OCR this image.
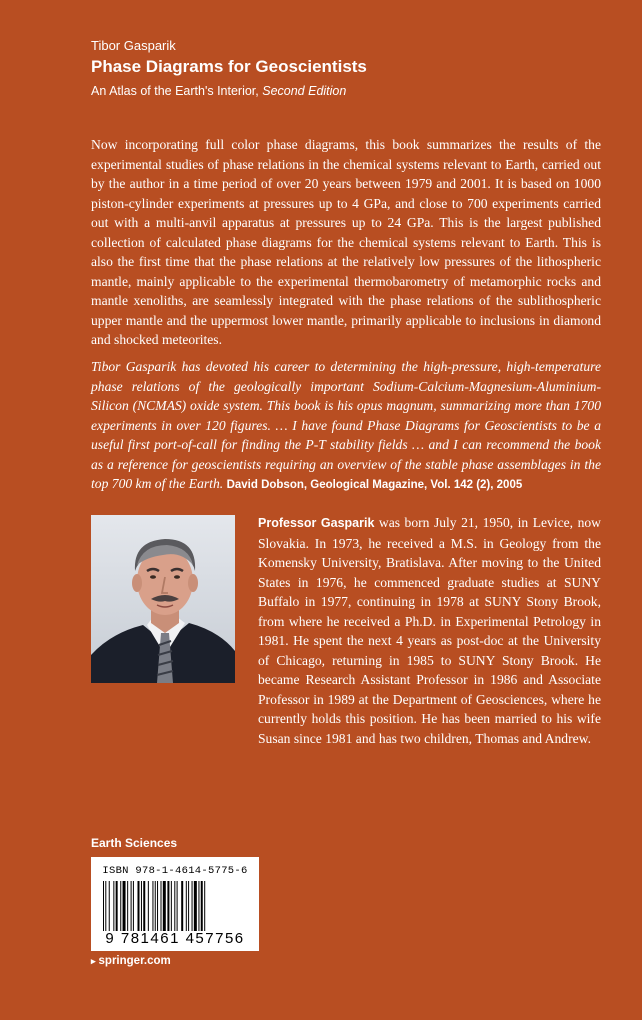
Tibor Gasparik
Phase Diagrams for Geoscientists
An Atlas of the Earth's Interior, Second Edition

Now incorporating full color phase diagrams, this book summarizes the results of the experimental studies of phase relations in the chemical systems relevant to Earth, carried out by the author in a time period of over 20 years between 1979 and 2001. It is based on 1000 piston-cylinder experiments at pressures up to 4 GPa, and close to 700 experiments carried out with a multi-anvil apparatus at pressures up to 24 GPa. This is the largest published collection of calculated phase diagrams for the chemical systems relevant to Earth. This is also the first time that the phase relations at the relatively low pressures of the lithospheric mantle, mainly applicable to the experimental thermobarometry of metamorphic rocks and mantle xenoliths, are seamlessly integrated with the phase relations of the sublithospheric upper mantle and the uppermost lower mantle, primarily applicable to inclusions in diamond and shocked meteorites.

Tibor Gasparik has devoted his career to determining the high-pressure, high-temperature phase relations of the geologically important Sodium-Calcium-Magnesium-Aluminium-Silicon (NCMAS) oxide system. This book is his opus magnum, summarizing more than 1700 experiments in over 120 figures. … I have found Phase Diagrams for Geoscientists to be a useful first port-of-call for finding the P-T stability fields … and I can recommend the book as a reference for geoscientists requiring an overview of the stable phase assemblages in the top 700 km of the Earth. David Dobson, Geological Magazine, Vol. 142 (2), 2005

Professor Gasparik was born July 21, 1950, in Levice, now Slovakia. In 1973, he received a M.S. in Geology from the Komensky University, Bratislava. After moving to the United States in 1976, he commenced graduate studies at SUNY Buffalo in 1977, continuing in 1978 at SUNY Stony Brook, from where he received a Ph.D. in Experimental Petrology in 1981. He spent the next 4 years as post-doc at the University of Chicago, returning in 1985 to SUNY Stony Brook. He became Research Assistant Professor in 1986 and Associate Professor in 1989 at the Department of Geosciences, where he currently holds this position. He has been married to his wife Susan since 1981 and has two children, Thomas and Andrew.

Earth Sciences
ISBN 978-1-4614-5775-6
9 781461 457756
▸ springer.com
